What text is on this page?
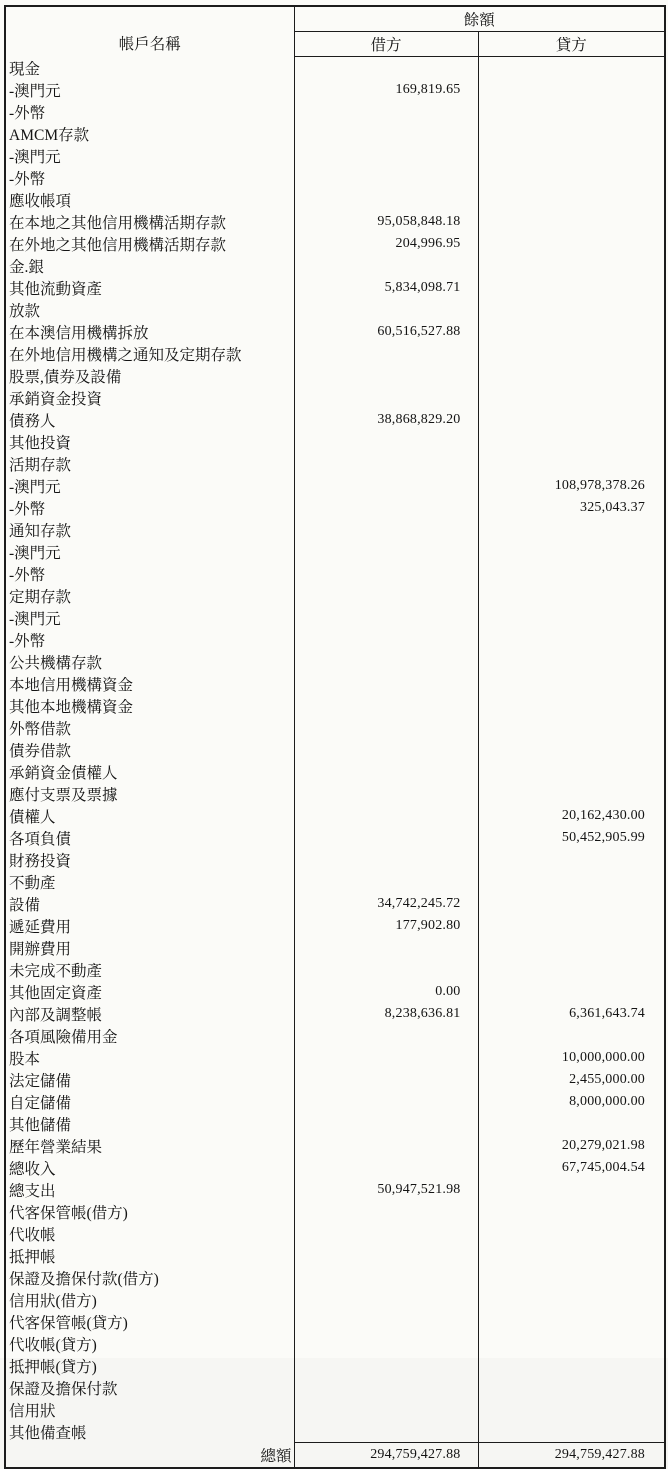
帳戶名稱	餘額	
	借方	貸方
現金		
-澳門元	169,819.65	
-外幣		
AMCM存款		
-澳門元		
-外幣		
應收帳項		
在本地之其他信用機構活期存款	95,058,848.18	
在外地之其他信用機構活期存款	204,996.95	
金.銀		
其他流動資產	5,834,098.71	
放款		
在本澳信用機構拆放	60,516,527.88	
在外地信用機構之通知及定期存款		
股票,債券及設備		
承銷資金投資		
債務人	38,868,829.20	
其他投資		
活期存款		
-澳門元		108,978,378.26
-外幣		325,043.37
通知存款		
-澳門元		
-外幣		
定期存款		
-澳門元		
-外幣		
公共機構存款		
本地信用機構資金		
其他本地機構資金		
外幣借款		
債券借款		
承銷資金債權人		
應付支票及票據		
債權人		20,162,430.00
各項負債		50,452,905.99
財務投資		
不動產		
設備	34,742,245.72	
遞延費用	177,902.80	
開辦費用		
未完成不動產		
其他固定資產	0.00	
內部及調整帳	8,238,636.81	6,361,643.74
各項風險備用金		
股本		10,000,000.00
法定儲備		2,455,000.00
自定儲備		8,000,000.00
其他儲備		
歷年營業結果		20,279,021.98
總收入		67,745,004.54
總支出	50,947,521.98	
代客保管帳(借方)		
代收帳		
抵押帳		
保證及擔保付款(借方)		
信用狀(借方)		
代客保管帳(貸方)		
代收帳(貸方)		
抵押帳(貸方)		
保證及擔保付款		
信用狀		
其他備查帳		
總額	294,759,427.88	294,759,427.88
